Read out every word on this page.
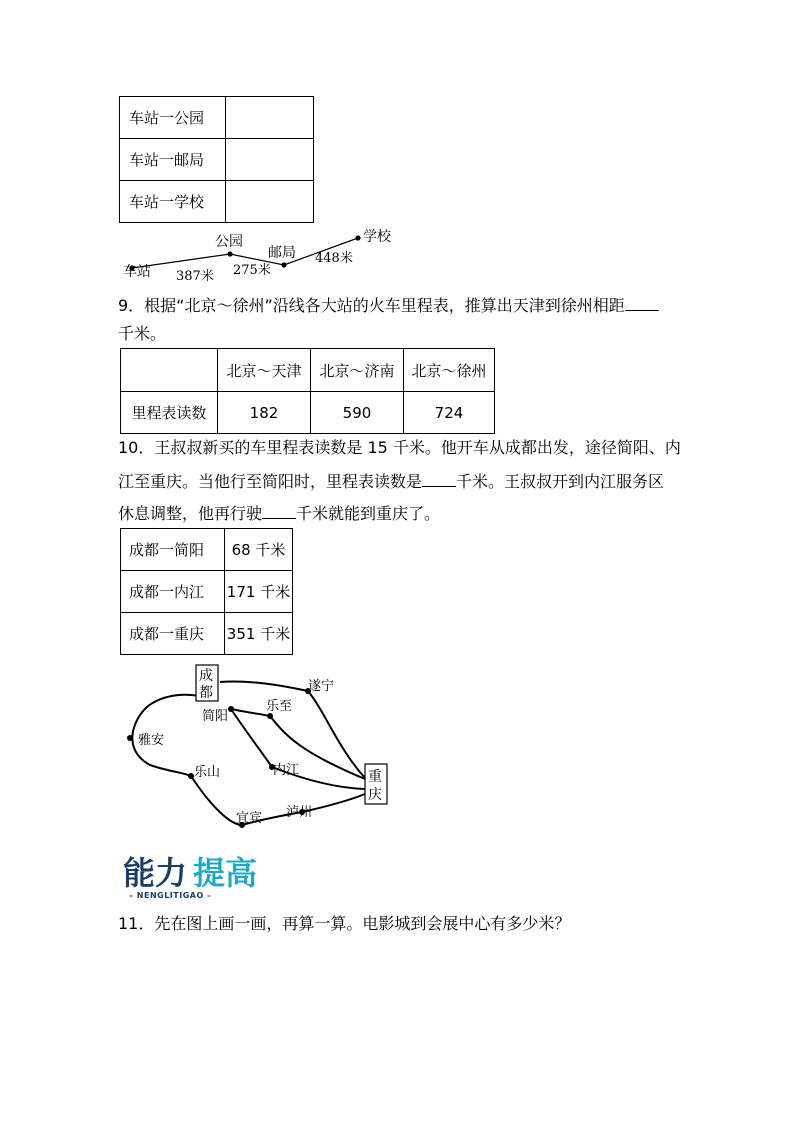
车站一公园	
车站一邮局	
车站一学校	
车站
公园
邮局
学校
387米 275米
448米
9．根据“北京～徐州”沿线各大站的火车里程表，推算出天津到徐州相距
千米。
	北京～天津	北京～济南	北京～徐州
里程表读数	182	590	724
10．王叔叔新买的车里程表读数是 15 千米。他开车从成都出发，途径简阳、内
江至重庆。当他行至简阳时，里程表读数是 千米。王叔叔开到内江服务区
休息调整，他再行驶 千米就能到重庆了。
成都一简阳	68 千米
成都一内江	171 千米
成都一重庆	351 千米
成
都
重
庆
遂宁
简阳
乐至
雅安
乐山	内江
宜宾 泸州
能力 提高
– NENGLITIGAO –
11．先在图上画一画，再算一算。电影城到会展中心有多少米？
